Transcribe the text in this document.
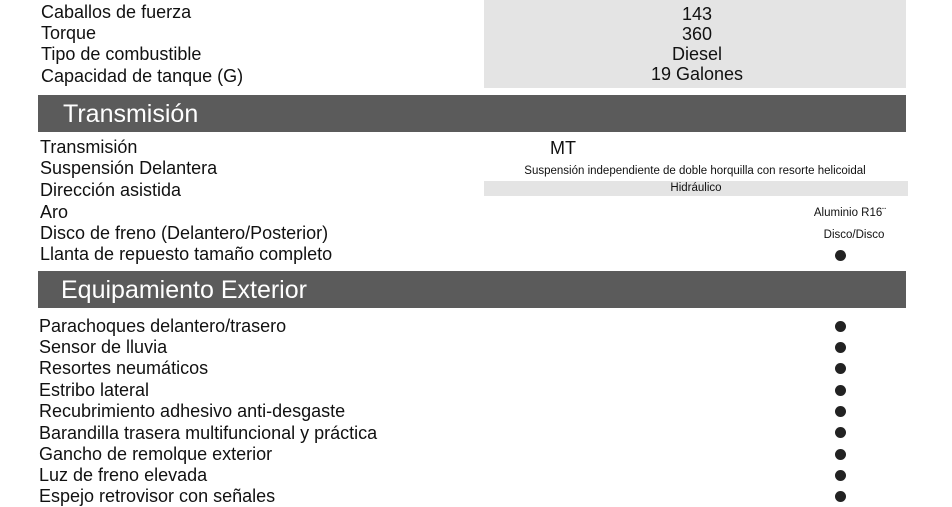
Caballos de fuerza
Torque
Tipo de combustible
Capacidad de tanque (G)
143
360
Diesel
19 Galones
Transmisión
Transmisión
Suspensión Delantera
Dirección asistida
Aro
Disco de freno (Delantero/Posterior)
Llanta de repuesto tamaño completo
MT
Suspensión independiente de doble horquilla con resorte helicoidal
Hidráulico
Aluminio R16¨
Disco/Disco
Equipamiento Exterior
Parachoques delantero/trasero
Sensor de lluvia
Resortes neumáticos
Estribo lateral
Recubrimiento adhesivo anti-desgaste
Barandilla trasera multifuncional y práctica
Gancho de remolque exterior
Luz de freno elevada
Espejo retrovisor con señales
